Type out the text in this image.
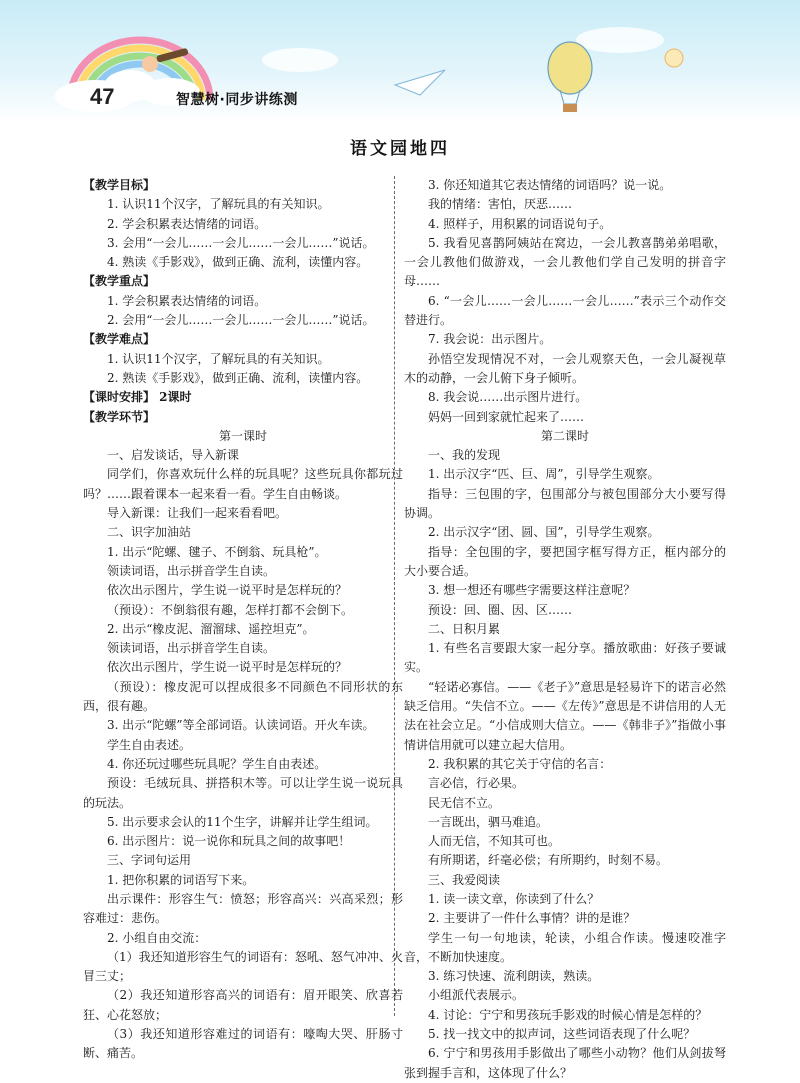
47	智慧树·同步讲练测
语文园地四

【教学目标】

1. 认识11个汉字，了解玩具的有关知识。

2. 学会积累表达情绪的词语。

3. 会用“一会儿……一会儿……一会儿……”说话。

4. 熟读《手影戏》，做到正确、流利，读懂内容。

【教学重点】

1. 学会积累表达情绪的词语。

2. 会用“一会儿……一会儿……一会儿……”说话。

【教学难点】

1. 认识11个汉字，了解玩具的有关知识。

2. 熟读《手影戏》，做到正确、流利，读懂内容。

【课时安排】 2课时

【教学环节】

第一课时

一、启发谈话，导入新课

同学们，你喜欢玩什么样的玩具呢？这些玩具你都玩过吗？……跟着课本一起来看一看。学生自由畅谈。

导入新课：让我们一起来看看吧。

二、识字加油站

1. 出示“陀螺、毽子、不倒翁、玩具枪”。

领读词语，出示拼音学生自读。

依次出示图片，学生说一说平时是怎样玩的？

（预设）：不倒翁很有趣，怎样打都不会倒下。

2. 出示“橡皮泥、溜溜球、遥控坦克”。

领读词语，出示拼音学生自读。

依次出示图片，学生说一说平时是怎样玩的？

（预设）：橡皮泥可以捏成很多不同颜色不同形状的东西，很有趣。

3. 出示“陀螺”等全部词语。认读词语。开火车读。

学生自由表述。

4. 你还玩过哪些玩具呢？学生自由表述。

预设：毛绒玩具、拼搭积木等。可以让学生说一说玩具的玩法。

5. 出示要求会认的11个生字，讲解并让学生组词。

6. 出示图片：说一说你和玩具之间的故事吧！

三、字词句运用

1. 把你积累的词语写下来。

出示课件：形容生气：愤怒；形容高兴：兴高采烈；形容难过：悲伤。

2. 小组自由交流：

（1）我还知道形容生气的词语有：怒吼、怒气冲冲、火冒三丈；

（2）我还知道形容高兴的词语有：眉开眼笑、欣喜若狂、心花怒放；

（3）我还知道形容难过的词语有：嚎啕大哭、肝肠寸断、痛苦。

3. 你还知道其它表达情绪的词语吗？说一说。

我的情绪：害怕，厌恶……

4. 照样子，用积累的词语说句子。

5. 我看见喜鹊阿姨站在窝边，一会儿教喜鹊弟弟唱歌，一会儿教他们做游戏，一会儿教他们学自己发明的拼音字母……

6. “一会儿……一会儿……一会儿……”表示三个动作交替进行。

7. 我会说：出示图片。

孙悟空发现情况不对，一会儿观察天色，一会儿凝视草木的动静，一会儿俯下身子倾听。

8. 我会说……出示图片进行。

妈妈一回到家就忙起来了……

第二课时

一、我的发现

1. 出示汉字“匹、巨、周”，引导学生观察。

指导：三包围的字，包围部分与被包围部分大小要写得协调。

2. 出示汉字“团、圆、国”，引导学生观察。

指导：全包围的字，要把国字框写得方正，框内部分的大小要合适。

3. 想一想还有哪些字需要这样注意呢？

预设：回、圈、因、区……

二、日积月累

1. 有些名言要跟大家一起分享。播放歌曲：好孩子要诚实。

“轻诺必寡信。——《老子》”意思是轻易许下的诺言必然缺乏信用。“失信不立。——《左传》”意思是不讲信用的人无法在社会立足。“小信成则大信立。——《韩非子》”指做小事情讲信用就可以建立起大信用。

2. 我积累的其它关于守信的名言：

言必信，行必果。

民无信不立。

一言既出，驷马难追。

人而无信，不知其可也。

有所期诺，纤毫必偿；有所期约，时刻不易。

三、我爱阅读

1. 读一读文章，你读到了什么？

2. 主要讲了一件什么事情？讲的是谁？

学生一句一句地读，轮读，小组合作读。慢速咬准字音，不断加快速度。

3. 练习快速、流利朗读，熟读。

小组派代表展示。

4. 讨论：宁宁和男孩玩手影戏的时候心情是怎样的？

5. 找一找文中的拟声词，这些词语表现了什么呢？

6. 宁宁和男孩用手影做出了哪些小动物？他们从剑拔弩张到握手言和，这体现了什么？
